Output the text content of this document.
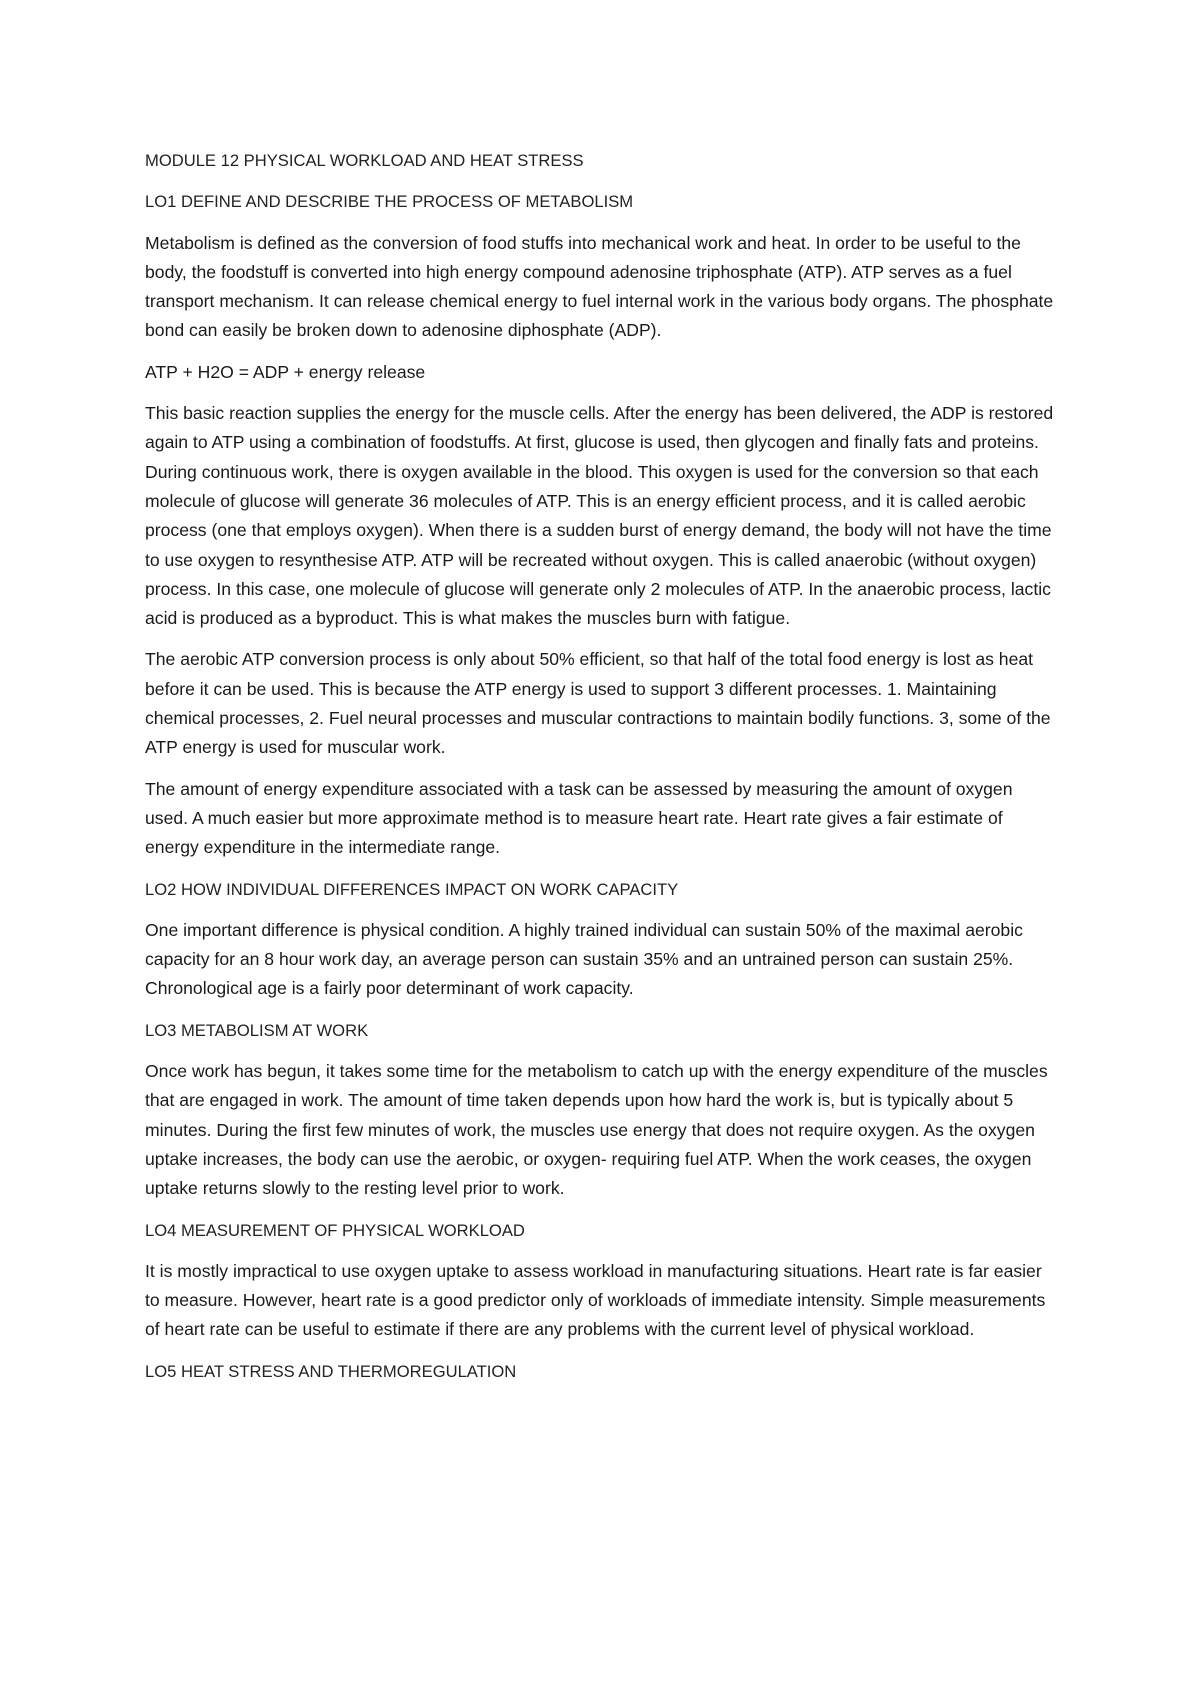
MODULE 12 PHYSICAL WORKLOAD AND HEAT STRESS
LO1 DEFINE AND DESCRIBE THE PROCESS OF METABOLISM

Metabolism is defined as the conversion of food stuffs into mechanical work and heat. In order to be useful to the body, the foodstuff is converted into high energy compound adenosine triphosphate (ATP). ATP serves as a fuel transport mechanism. It can release chemical energy to fuel internal work in the various body organs. The phosphate bond can easily be broken down to adenosine diphosphate (ADP).

ATP + H2O = ADP + energy release

This basic reaction supplies the energy for the muscle cells. After the energy has been delivered, the ADP is restored again to ATP using a combination of foodstuffs. At first, glucose is used, then glycogen and finally fats and proteins. During continuous work, there is oxygen available in the blood. This oxygen is used for the conversion so that each molecule of glucose will generate 36 molecules of ATP. This is an energy efficient process, and it is called aerobic process (one that employs oxygen). When there is a sudden burst of energy demand, the body will not have the time to use oxygen to resynthesise ATP. ATP will be recreated without oxygen. This is called anaerobic (without oxygen) process. In this case, one molecule of glucose will generate only 2 molecules of ATP. In the anaerobic process, lactic acid is produced as a byproduct. This is what makes the muscles burn with fatigue.

The aerobic ATP conversion process is only about 50% efficient, so that half of the total food energy is lost as heat before it can be used. This is because the ATP energy is used to support 3 different processes. 1. Maintaining chemical processes, 2. Fuel neural processes and muscular contractions to maintain bodily functions. 3, some of the ATP energy is used for muscular work.

The amount of energy expenditure associated with a task can be assessed by measuring the amount of oxygen used. A much easier but more approximate method is to measure heart rate. Heart rate gives a fair estimate of energy expenditure in the intermediate range.

LO2 HOW INDIVIDUAL DIFFERENCES IMPACT ON WORK CAPACITY

One important difference is physical condition. A highly trained individual can sustain 50% of the maximal aerobic capacity for an 8 hour work day, an average person can sustain 35% and an untrained person can sustain 25%. Chronological age is a fairly poor determinant of work capacity.

LO3 METABOLISM AT WORK

Once work has begun, it takes some time for the metabolism to catch up with the energy expenditure of the muscles that are engaged in work. The amount of time taken depends upon how hard the work is, but is typically about 5 minutes. During the first few minutes of work, the muscles use energy that does not require oxygen. As the oxygen uptake increases, the body can use the aerobic, or oxygen- requiring fuel ATP. When the work ceases, the oxygen uptake returns slowly to the resting level prior to work.

LO4 MEASUREMENT OF PHYSICAL WORKLOAD

It is mostly impractical to use oxygen uptake to assess workload in manufacturing situations. Heart rate is far easier to measure. However, heart rate is a good predictor only of workloads of immediate intensity. Simple measurements of heart rate can be useful to estimate if there are any problems with the current level of physical workload.

LO5 HEAT STRESS AND THERMOREGULATION
